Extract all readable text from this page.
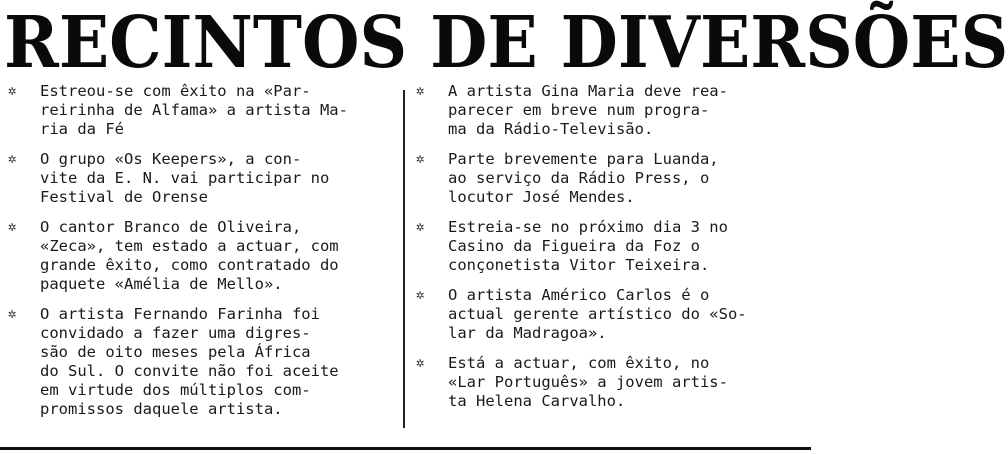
RECINTOS DE DIVERSÕES
✲ Estreou-se com êxito na «Par-
reirinha de Alfama» a artista Ma-
ria da Fé
✲ O grupo «Os Keepers», a con-
vite da E. N. vai participar no
Festival de Orense
✲ O cantor Branco de Oliveira,
«Zeca», tem estado a actuar, com
grande êxito, como contratado do
paquete «Amélia de Mello».
✲ O artista Fernando Farinha foi
convidado a fazer uma digres-
são de oito meses pela África
do Sul. O convite não foi aceite
em virtude dos múltiplos com-
promissos daquele artista.
✲ A artista Gina Maria deve rea-
parecer em breve num progra-
ma da Rádio-Televisão.
✲ Parte brevemente para Luanda,
ao serviço da Rádio Press, o
locutor José Mendes.
✲ Estreia-se no próximo dia 3 no
Casino da Figueira da Foz o
conçonetista Vitor Teixeira.
✲ O artista Américo Carlos é o
actual gerente artístico do «So-
lar da Madragoa».
✲ Está a actuar, com êxito, no
«Lar Português» a jovem artis-
ta Helena Carvalho.
